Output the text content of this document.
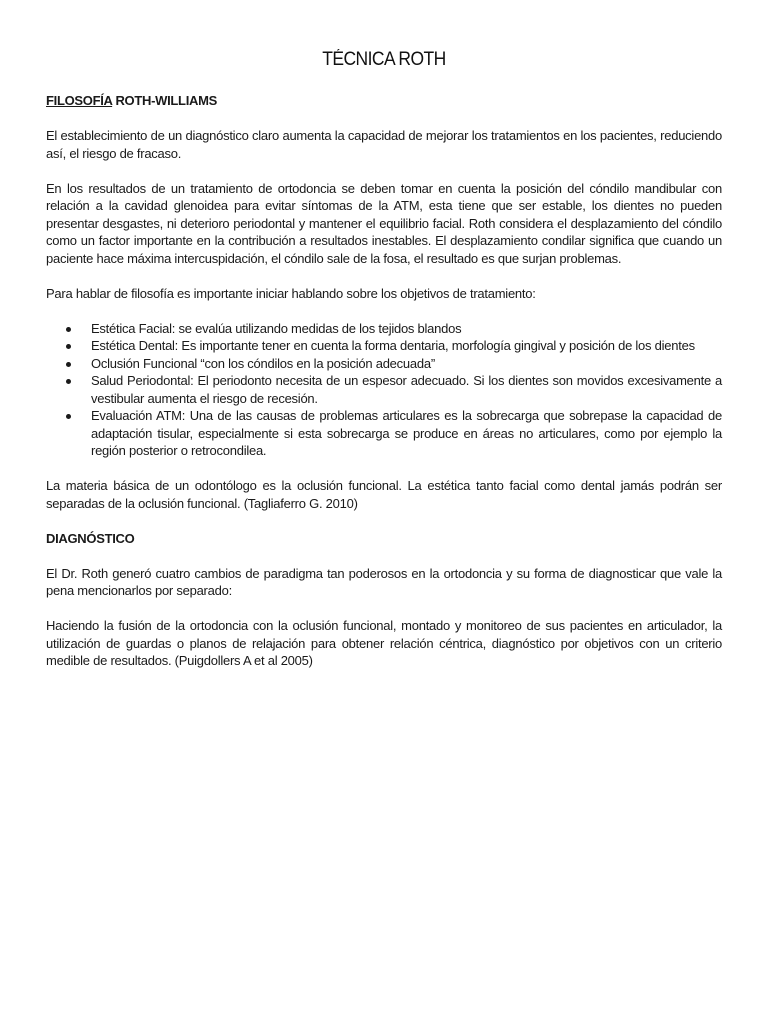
TÉCNICA ROTH
FILOSOFÍA ROTH-WILLIAMS

El establecimiento de un diagnóstico claro aumenta la capacidad de mejorar los tratamientos en los pacientes, reduciendo así, el riesgo de fracaso.

En los resultados de un tratamiento de ortodoncia se deben tomar en cuenta la posición del cóndilo mandibular con relación a la cavidad glenoidea para evitar síntomas de la ATM, esta tiene que ser estable, los dientes no pueden presentar desgastes, ni deterioro periodontal y mantener el equilibrio facial. Roth considera el desplazamiento del cóndilo como un factor importante en la contribución a resultados inestables. El desplazamiento condilar significa que cuando un paciente hace máxima intercuspidación, el cóndilo sale de la fosa, el resultado es que surjan problemas.

Para hablar de filosofía es importante iniciar hablando sobre los objetivos de tratamiento:

Estética Facial: se evalúa utilizando medidas de los tejidos blandos
Estética Dental: Es importante tener en cuenta la forma dentaria, morfología gingival y posición de los dientes
Oclusión Funcional “con los cóndilos en la posición adecuada”
Salud Periodontal: El periodonto necesita de un espesor adecuado. Si los dientes son movidos excesivamente a vestibular aumenta el riesgo de recesión.
Evaluación ATM: Una de las causas de problemas articulares es la sobrecarga que sobrepase la capacidad de adaptación tisular, especialmente si esta sobrecarga se produce en áreas no articulares, como por ejemplo la región posterior o retrocondilea.

La materia básica de un odontólogo es la oclusión funcional. La estética tanto facial como dental jamás podrán ser separadas de la oclusión funcional. (Tagliaferro G. 2010)

DIAGNÓSTICO

El Dr. Roth generó cuatro cambios de paradigma tan poderosos en la ortodoncia y su forma de diagnosticar que vale la pena mencionarlos por separado:

Haciendo la fusión de la ortodoncia con la oclusión funcional, montado y monitoreo de sus pacientes en articulador, la utilización de guardas o planos de relajación para obtener relación céntrica, diagnóstico por objetivos con un criterio medible de resultados. (Puigdollers A et al 2005)
